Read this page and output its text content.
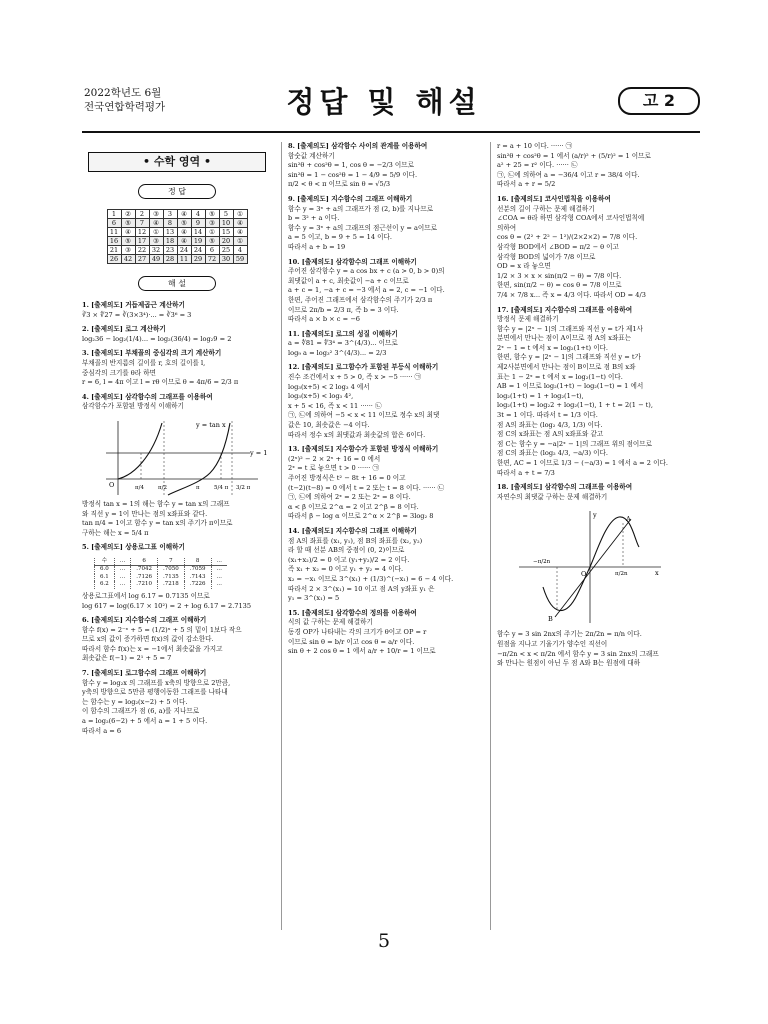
2022학년도 6월
전국연합학력평가	정답 및 해설	고 2
• 수학 영역 •
정 답
1	②	2	③	3	④	4	⑤	5	①
6	⑤	7	④	8	⑤	9	③	10	④
11	④	12	①	13	④	14	①	15	④
16	⑤	17	③	18	④	19	⑤	20	①
21	③	22	32	23	24	24	6	25	4
26	42	27	49	28	11	29	72	30	59
해 설
1. [출제의도] 거듭제곱근 계산하기
∛3 × ∜27 = ∛(3×3⁴)·... = ∛3⁶ = 3
2. [출제의도] 로그 계산하기
log₂36 − log₂(1/4)... = log₂(36/4) = log₂9 = 2
3. [출제의도] 부채꼴의 중심각의 크기 계산하기
부채꼴의 반지름의 길이를 r, 호의 길이를 l,
중심각의 크기를 θ라 하면
r = 6, l = 4π 이고 l = rθ 이므로 θ = 4π/6 = 2/3 π
4. [출제의도] 삼각함수의 그래프를 이용하여
삼각함수가 포함된 방정식 이해하기
y = tan x
y = 1
O	π/4	π/2	π	5/4 π 3/2 π
방정식 tan x = 1의 해는 함수 y = tan x의 그래프
와 직선 y = 1이 만나는 점의 x좌표와 같다.
tan π/4 = 1이고 함수 y = tan x의 주기가 π이므로
구하는 해는 x = 5/4 π
5. [출제의도] 상용로그표 이해하기
수	…	6	7	8	…
6.0	…	.7042	.7050	.7059	…
6.1	…	.7126	.7135	.7143	…
6.2	…	.7210	.7218	.7226	…
상용로그표에서 log 6.17 = 0.7135 이므로
log 617 = log(6.17 × 10²) = 2 + log 6.17 = 2.7135
6. [출제의도] 지수함수의 그래프 이해하기
함수 f(x) = 2⁻ˣ + 5 = (1/2)ˣ + 5 의 밑이 1보다 작으
므로 x의 값이 증가하면 f(x)의 값이 감소한다.
따라서 함수 f(x)는 x = −1에서 최솟값을 가지고
최솟값은 f(−1) = 2¹ + 5 = 7
7. [출제의도] 로그함수의 그래프 이해하기
함수 y = log₂x 의 그래프를 x축의 방향으로 2만큼,
y축의 방향으로 5만큼 평행이동한 그래프를 나타내
는 함수는 y = log₂(x−2) + 5 이다.
이 함수의 그래프가 점 (6, a)를 지나므로
a = log₂(6−2) + 5 에서 a = 1 + 5 이다.
따라서 a = 6
8. [출제의도] 삼각함수 사이의 관계를 이용하여
함숫값 계산하기
sin²θ + cos²θ = 1, cos θ = −2/3 이므로
sin²θ = 1 − cos²θ = 1 − 4/9 = 5/9 이다.
π/2 < θ < π 이므로 sin θ = √5/3
9. [출제의도] 지수함수의 그래프 이해하기
함수 y = 3ˣ + a의 그래프가 점 (2, b)를 지나므로
b = 3² + a 이다.
함수 y = 3ˣ + a의 그래프의 점근선이 y = a이므로
a = 5 이고, b = 9 + 5 = 14 이다.
따라서 a + b = 19
10. [출제의도] 삼각함수의 그래프 이해하기
주어진 삼각함수 y = a cos bx + c (a > 0, b > 0)의
최댓값이 a + c, 최솟값이 −a + c 이므로
a + c = 1, −a + c = −3 에서 a = 2, c = −1 이다.
한편, 주어진 그래프에서 삼각함수의 주기가 2/3 π
이므로 2π/b = 2/3 π, 즉 b = 3 이다.
따라서 a × b × c = −6
11. [출제의도] 로그의 성질 이해하기
a = ∜81 = ∜3⁴ = 3^(4/3)... 이므로
log₉ a = log₃² 3^(4/3)... = 2/3
12. [출제의도] 로그함수가 포함된 부등식 이해하기
진수 조건에서 x + 5 > 0, 즉 x > −5 ······ ㉠
log₃(x+5) < 2 log₃ 4 에서
log₃(x+5) < log₃ 4²,
x + 5 < 16, 즉 x < 11 ······ ㉡
㉠, ㉡에 의하여 −5 < x < 11 이므로 정수 x의 최댓
값은 10, 최솟값은 −4 이다.
따라서 정수 x의 최댓값과 최솟값의 합은 6이다.
13. [출제의도] 지수함수가 포함된 방정식 이해하기
(2ˣ)² − 2 × 2ˣ + 16 = 0 에서
2ˣ = t 로 놓으면 t > 0 ······ ㉠
주어진 방정식은 t² − 8t + 16 = 0 이고
(t−2)(t−8) = 0 에서 t = 2 또는 t = 8 이다. ······ ㉡
㉠, ㉡에 의하여 2ˣ = 2 또는 2ˣ = 8 이다.
α < β 이므로 2^α = 2 이고 2^β = 8 이다.
따라서 β − log α 이므로 2^α × 2^β = 3log₂ 8
14. [출제의도] 지수함수의 그래프 이해하기
점 A의 좌표를 (x₁, y₁), 점 B의 좌표를 (x₂, y₂)
라 할 때 선분 AB의 중점이 (0, 2)이므로
(x₁+x₂)/2 = 0 이고 (y₁+y₂)/2 = 2 이다.
즉 x₁ + x₂ = 0 이고 y₁ + y₂ = 4 이다.
x₂ = −x₁ 이므로 3^(x₁) + (1/3)^(−x₁) = 6 − 4 이다.
따라서 2 × 3^(x₁) = 10 이고 점 A의 y좌표 y₁ 은
y₁ = 3^(x₁) = 5
15. [출제의도] 삼각함수의 정의를 이용하여
식의 값 구하는 문제 해결하기
동경 OP가 나타내는 각의 크기가 θ이고 OP = r
이므로 sin θ = b/r 이고 cos θ = a/r 이다.
sin θ + 2 cos θ = 1 에서 a/r + 10/r = 1 이므로
r = a + 10 이다. ······ ㉠
sin²θ + cos²θ = 1 에서 (a/r)² + (5/r)² = 1 이므로
a² + 25 = r² 이다. ······ ㉡
㉠, ㉡에 의하여 a = −36/4 이고 r = 38/4 이다.
따라서 a + r = 5/2
16. [출제의도] 코사인법칙을 이용하여
선분의 길이 구하는 문제 해결하기
∠COA = θ라 하면 삼각형 COA에서 코사인법칙에
의하여
cos θ = (2² + 2² − 1²)/(2×2×2) = 7/8 이다.
삼각형 BOD에서 ∠BOD = π/2 − θ 이고
삼각형 BOD의 넓이가 7/8 이므로
OD = x 라 놓으면
1/2 × 3 × x × sin(π/2 − θ) = 7/8 이다.
한편, sin(π/2 − θ) = cos θ = 7/8 이므로
7/4 × 7/8 x... 즉 x = 4/3 이다. 따라서 OD = 4/3
17. [출제의도] 지수함수의 그래프를 이용하여
방정식 문제 해결하기
함수 y = |2ˣ − 1|의 그래프와 직선 y = t가 제1사
분면에서 만나는 점이 A이므로 점 A의 x좌표는
2ˣ − 1 = t 에서 x = log₂(1+t) 이다.
한편, 함수 y = |2ˣ − 1|의 그래프와 직선 y = t가
제2사분면에서 만나는 점이 B이므로 점 B의 x좌
표는 1 − 2ˣ = t 에서 x = log₂(1−t) 이다.
AB = 1 이므로 log₂(1+t) − log₂(1−t) = 1 에서
log₂(1+t) = 1 + log₂(1−t),
log₂(1+t) = log₂2 + log₂(1−t), 1 + t = 2(1 − t),
3t = 1 이다. 따라서 t = 1/3 이다.
점 A의 좌표는 (log₂ 4/3, 1/3) 이다.
점 C의 x좌표는 점 A의 x좌표와 같고
점 C는 함수 y = −a|2ˣ − 1|의 그래프 위의 점이므로
점 C의 좌표는 (log₂ 4/3, −a/3) 이다.
한편, AC = 1 이므로 1/3 − (−a/3) = 1 에서 a = 2 이다.
따라서 a + t = 7/3
18. [출제의도] 삼각함수의 그래프를 이용하여
자연수의 최댓값 구하는 문제 해결하기
y
x
O
A
B
−π/2n
π/2n
함수 y = 3 sin 2nx의 주기는 2π/2n = π/n 이다.
원점을 지나고 기울기가 양수인 직선이
−π/2n < x < π/2n 에서 함수 y = 3 sin 2nx의 그래프
와 만나는 원점이 아닌 두 점 A와 B는 원점에 대하
5
